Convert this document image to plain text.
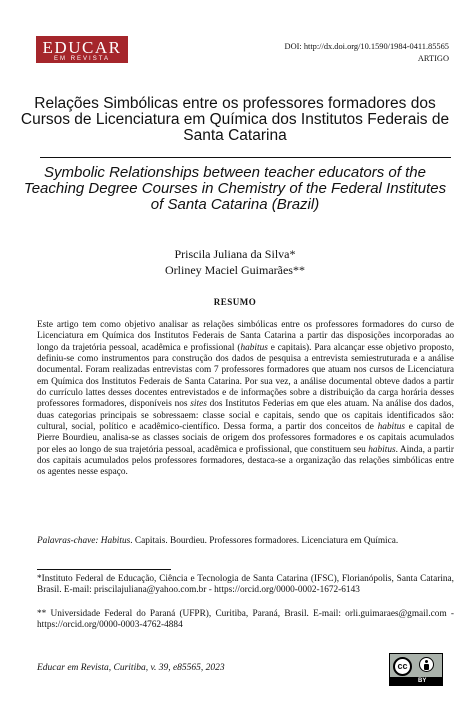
EDUCAR
EM REVISTA
DOI: http://dx.doi.org/10.1590/1984-0411.85565
ARTIGO
Relações Simbólicas entre os professores formadores dos Cursos de Licenciatura em Química dos Institutos Federais de Santa Catarina
Symbolic Relationships between teacher educators of the Teaching Degree Courses in Chemistry of the Federal Institutes of Santa Catarina (Brazil)
Priscila Juliana da Silva*
Orliney Maciel Guimarães**
RESUMO
Este artigo tem como objetivo analisar as relações simbólicas entre os professores formadores do curso de Licenciatura em Química dos Institutos Federais de Santa Catarina a partir das disposições incorporadas ao longo da trajetória pessoal, acadêmica e profissional (habitus e capitais). Para alcançar esse objetivo proposto, definiu-se como instrumentos para construção dos dados de pesquisa a entrevista semiestruturada e a análise documental. Foram realizadas entrevistas com 7 professores formadores que atuam nos cursos de Licenciatura em Química dos Institutos Federais de Santa Catarina. Por sua vez, a análise documental obteve dados a partir do currículo lattes desses docentes entrevistados e de informações sobre a distribuição da carga horária desses professores formadores, disponíveis nos sites dos Institutos Federias em que eles atuam. Na análise dos dados, duas categorias principais se sobressaem: classe social e capitais, sendo que os capitais identificados são: cultural, social, político e acadêmico-científico. Dessa forma, a partir dos conceitos de habitus e capital de Pierre Bourdieu, analisa-se as classes sociais de origem dos professores formadores e os capitais acumulados por eles ao longo de sua trajetória pessoal, acadêmica e profissional, que constituem seu habitus. Ainda, a partir dos capitais acumulados pelos professores formadores, destaca-se a organização das relações simbólicas entre os agentes nesse espaço.
Palavras-chave: Habitus. Capitais. Bourdieu. Professores formadores. Licenciatura em Química.
*Instituto Federal de Educação, Ciência e Tecnologia de Santa Catarina (IFSC), Florianópolis, Santa Catarina, Brasil. E-mail: priscilajuliana@yahoo.com.br - https://orcid.org/0000-0002-1672-6143
** Universidade Federal do Paraná (UFPR), Curitiba, Paraná, Brasil. E-mail: orli.guimaraes@gmail.com - https://orcid.org/0000-0003-4762-4884
Educar em Revista, Curitiba, v. 39, e85565, 2023	cc
BY
